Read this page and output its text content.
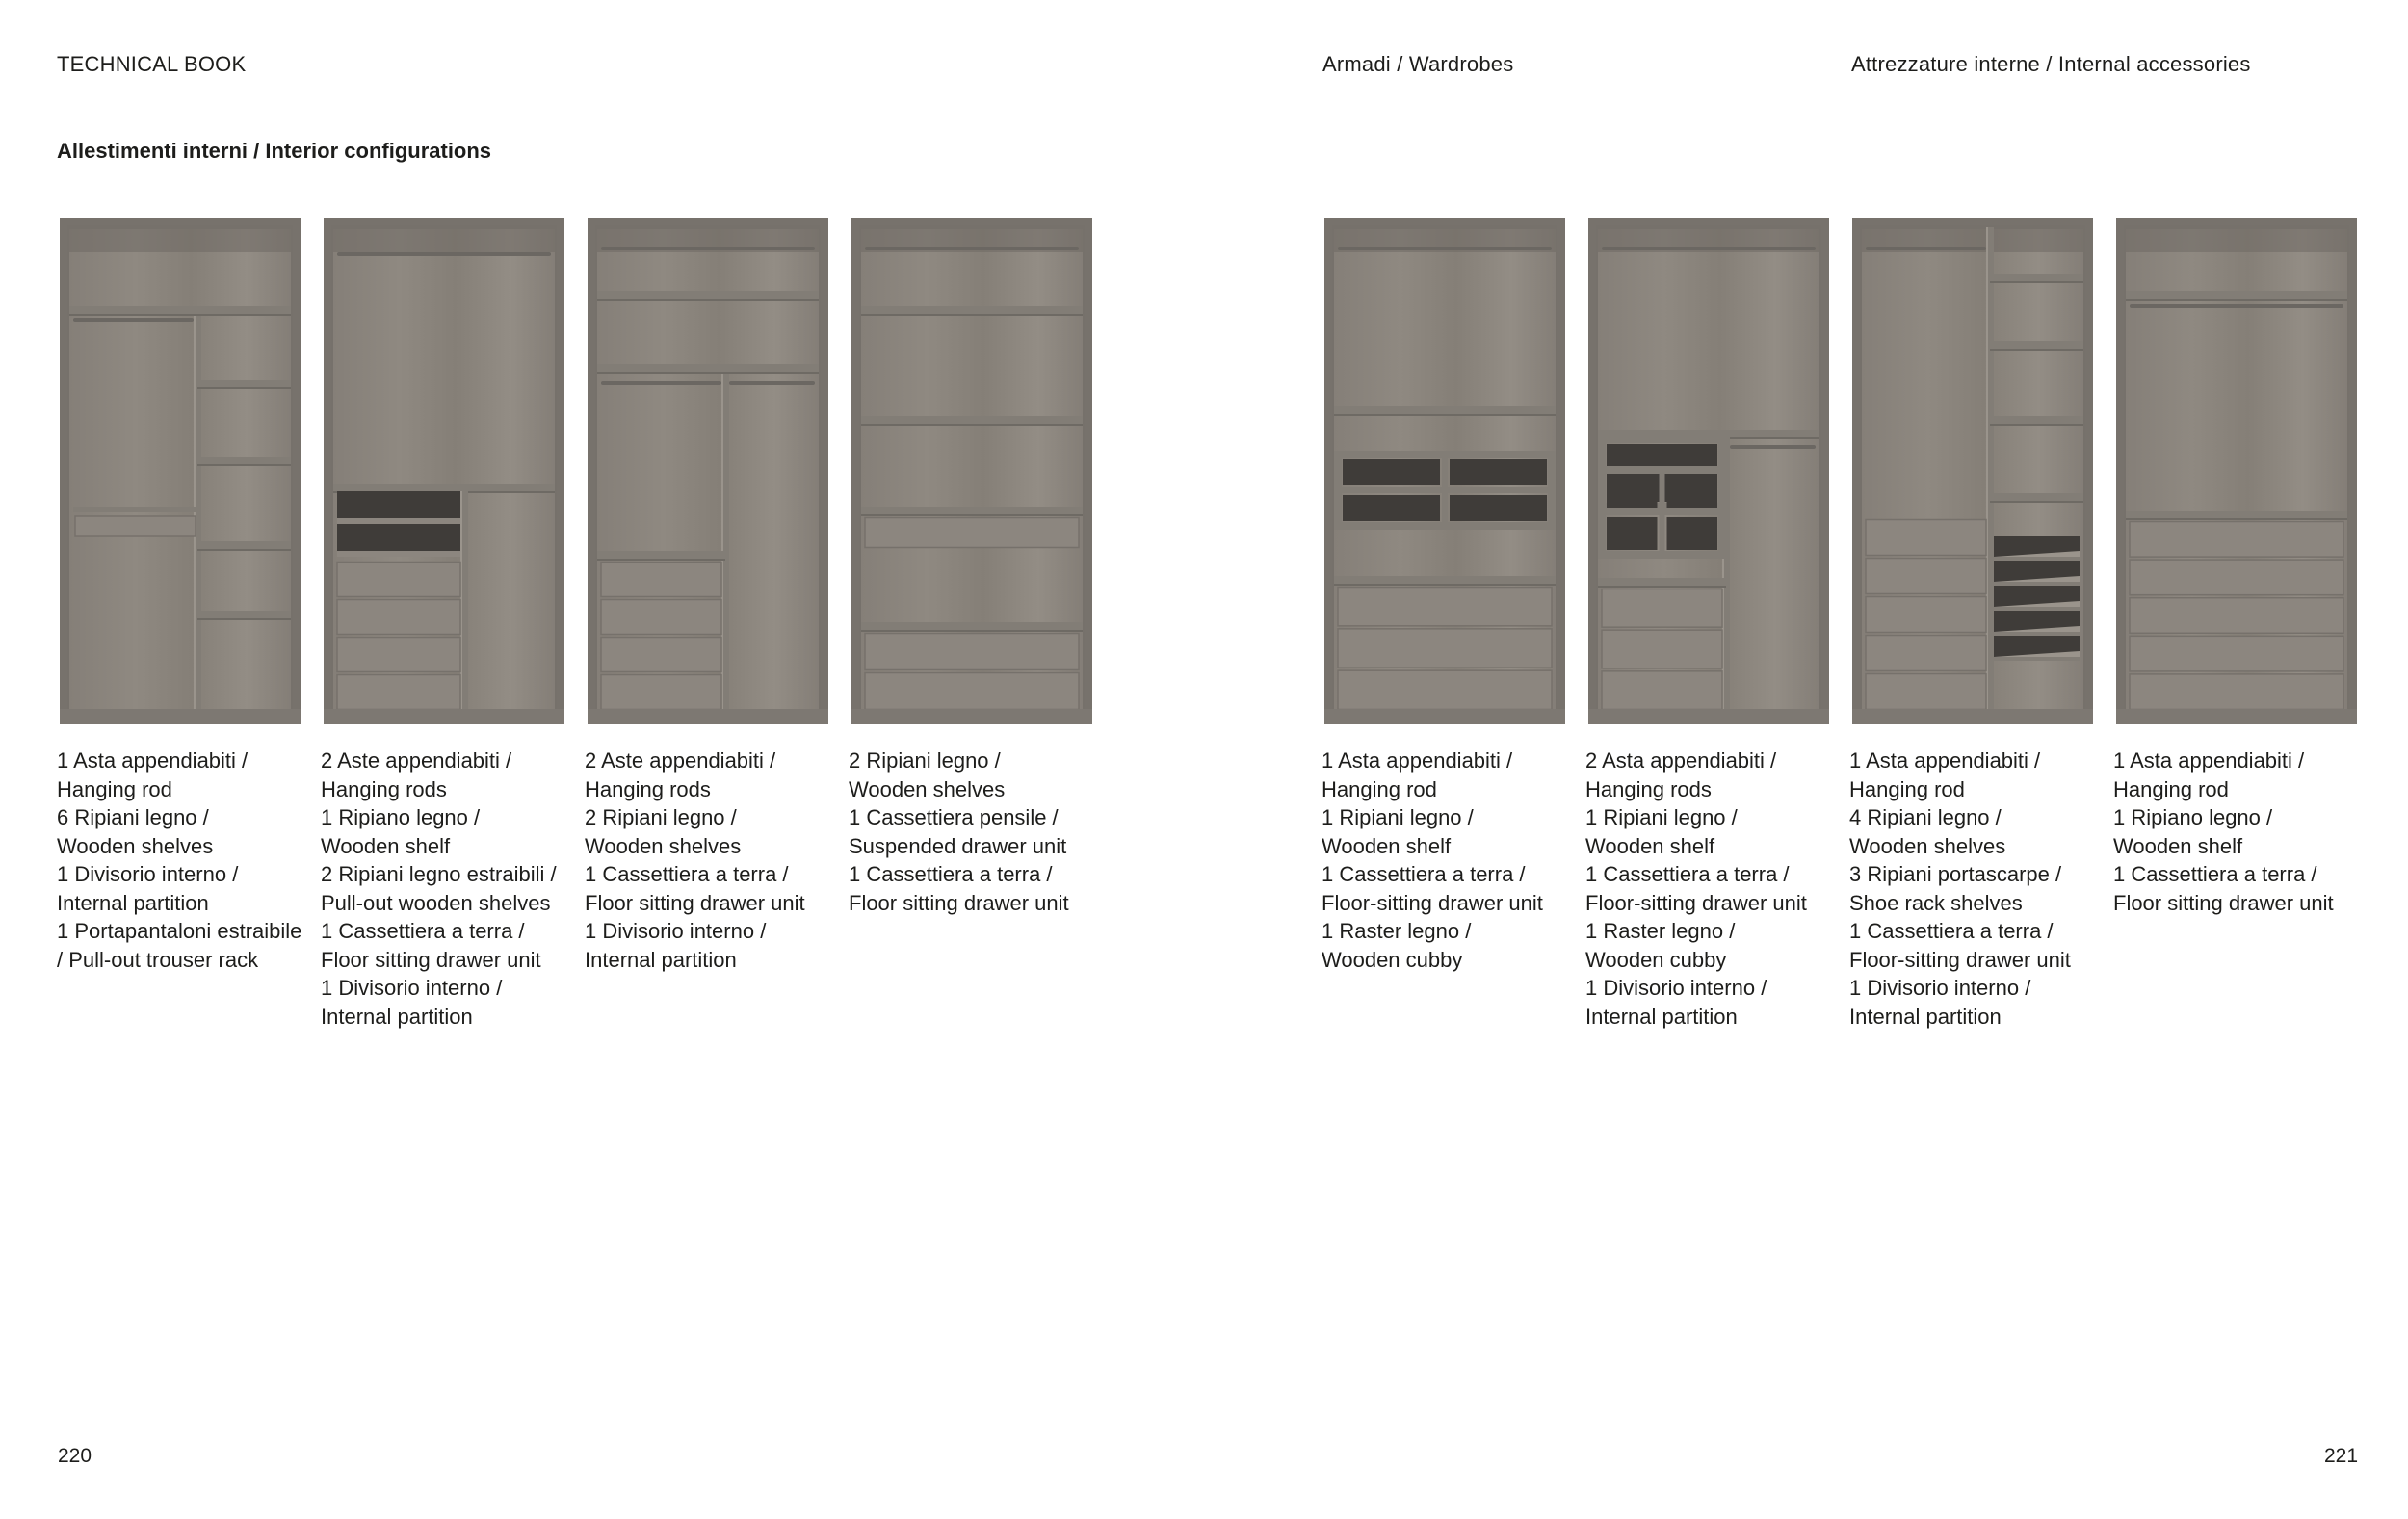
TECHNICAL BOOK	Armadi / Wardrobes	Attrezzature interne / Internal accessories
Allestimenti interni / Interior configurations
220	221
1 Asta appendiabiti /
Hanging rod
6 Ripiani legno /
Wooden shelves
1 Divisorio interno /
Internal partition
1 Portapantaloni estraibile
/ Pull-out trouser rack
2 Aste appendiabiti /
Hanging rods
1 Ripiano legno /
Wooden shelf
2 Ripiani legno estraibili /
Pull-out wooden shelves
1 Cassettiera a terra /
Floor sitting drawer unit
1 Divisorio interno /
Internal partition
2 Aste appendiabiti /
Hanging rods
2 Ripiani legno /
Wooden shelves
1 Cassettiera a terra /
Floor sitting drawer unit
1 Divisorio interno /
Internal partition
2 Ripiani legno /
Wooden shelves
1 Cassettiera pensile /
Suspended drawer unit
1 Cassettiera a terra /
Floor sitting drawer unit
1 Asta appendiabiti /
Hanging rod
1 Ripiani legno /
Wooden shelf
1 Cassettiera a terra /
Floor-sitting drawer unit
1 Raster legno /
Wooden cubby
2 Asta appendiabiti /
Hanging rods
1 Ripiani legno /
Wooden shelf
1 Cassettiera a terra /
Floor-sitting drawer unit
1 Raster legno /
Wooden cubby
1 Divisorio interno /
Internal partition
1 Asta appendiabiti /
Hanging rod
4 Ripiani legno /
Wooden shelves
3 Ripiani portascarpe /
Shoe rack shelves
1 Cassettiera a terra /
Floor-sitting drawer unit
1 Divisorio interno /
Internal partition
1 Asta appendiabiti /
Hanging rod
1 Ripiano legno /
Wooden shelf
1 Cassettiera a terra /
Floor sitting drawer unit
